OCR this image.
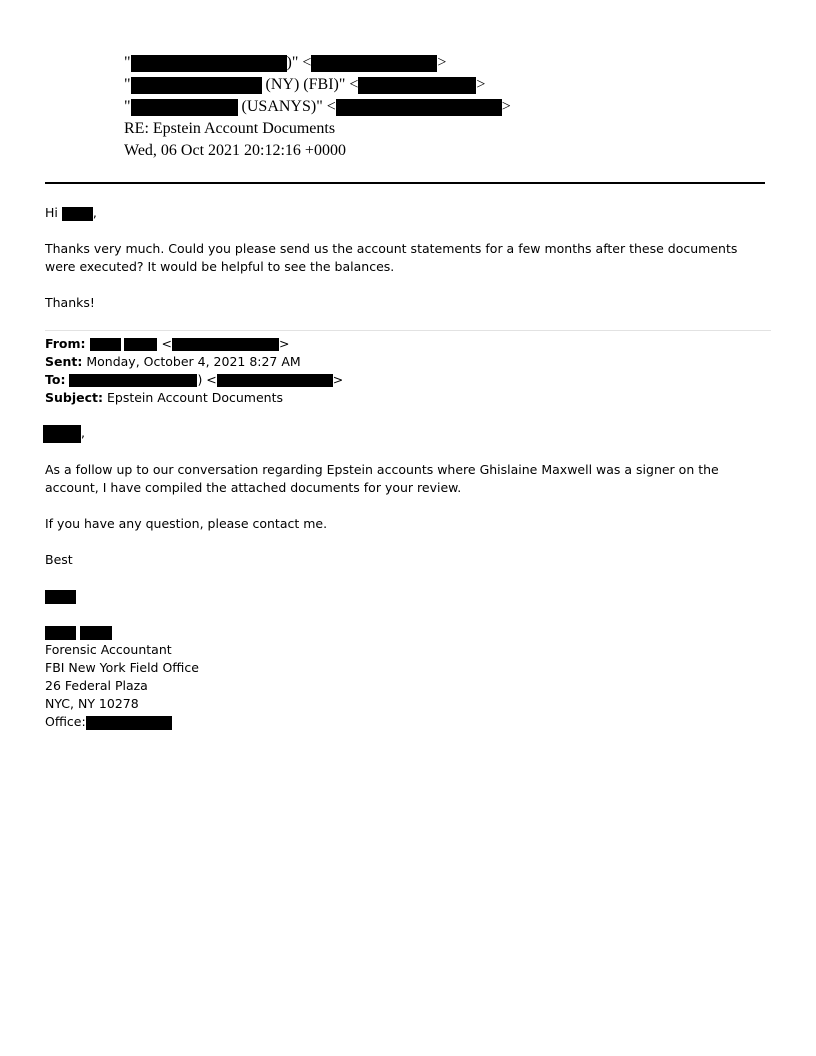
"	)" <	>
"	(NY) (FBI)" <	>
"	(USANYS)" <	>
RE: Epstein Account Documents
Wed, 06 Oct 2021 20:12:16 +0000
Hi	,
Thanks very much. Could you please send us the account statements for a few months after these documents were executed? It would be helpful to see the balances.
Thanks!
From:	<	>
Sent: Monday, October 4, 2021 8:27 AM
To:	) <	>
Subject: Epstein Account Documents
,
As a follow up to our conversation regarding Epstein accounts where Ghislaine Maxwell was a signer on the account, I have compiled the attached documents for your review.
If you have any question, please contact me.
Best

Forensic Accountant
FBI New York Field Office
26 Federal Plaza
NYC, NY 10278
Office:
